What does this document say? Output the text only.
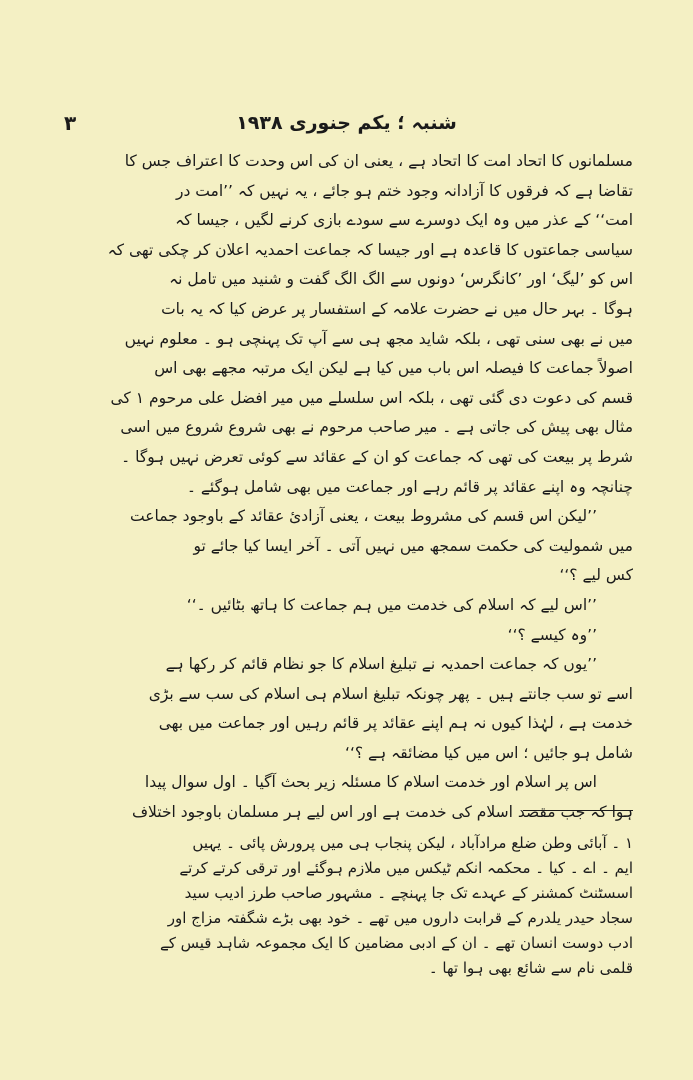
شنبہ ؛ یکم جنوری ۱۹۳۸
۳
مسلمانوں کا اتحاد امت کا اتحاد ہے ، یعنی ان کی اس وحدت کا اعتراف جس کا
تقاضا ہے کہ فرقوں کا آزادانہ وجود ختم ہو جائے ، یہ نہیں کہ ’’امت در
امت‘‘ کے عذر میں وہ ایک دوسرے سے سودے بازی کرنے لگیں ، جیسا کہ
سیاسی جماعتوں کا قاعدہ ہے اور جیسا کہ جماعت احمدیہ اعلان کر چکی تھی کہ
اس کو ’لیگ‘ اور ’کانگرس‘ دونوں سے الگ الگ گفت و شنید میں تامل نہ
ہوگا ۔ بہر حال میں نے حضرت علامہ کے استفسار پر عرض کیا کہ یہ بات
میں نے بھی سنی تھی ، بلکہ شاید مجھ ہی سے آپ تک پہنچی ہو ۔ معلوم نہیں
اصولاً جماعت کا فیصلہ اس باب میں کیا ہے لیکن ایک مرتبہ مجھے بھی اس
قسم کی دعوت دی گئی تھی ، بلکہ اس سلسلے میں میر افضل علی مرحوم ۱ کی
مثال بھی پیش کی جاتی ہے ۔ میر صاحب مرحوم نے بھی شروع شروع میں اسی
شرط پر بیعت کی تھی کہ جماعت کو ان کے عقائد سے کوئی تعرض نہیں ہوگا ۔
چنانچہ وہ اپنے عقائد پر قائم رہے اور جماعت میں بھی شامل ہوگئے ۔
’’لیکن اس قسم کی مشروط بیعت ، یعنی آزادئ عقائد کے باوجود جماعت
میں شمولیت کی حکمت سمجھ میں نہیں آتی ۔ آخر ایسا کیا جائے تو
کس لیے ؟‘‘
’’اس لیے کہ اسلام کی خدمت میں ہم جماعت کا ہاتھ بٹائیں ۔‘‘
’’وہ کیسے ؟‘‘
’’یوں کہ جماعت احمدیہ نے تبلیغ اسلام کا جو نظام قائم کر رکھا ہے
اسے تو سب جانتے ہیں ۔ پھر چونکہ تبلیغ اسلام ہی اسلام کی سب سے بڑی
خدمت ہے ، لہٰذا کیوں نہ ہم اپنے عقائد پر قائم رہیں اور جماعت میں بھی
شامل ہو جائیں ؛ اس میں کیا مضائقہ ہے ؟‘‘
اس پر اسلام اور خدمت اسلام کا مسئلہ زیر بحث آگیا ۔ اول سوال پیدا
ہوا کہ جب مقصد اسلام کی خدمت ہے اور اس لیے ہر مسلمان باوجود اختلاف
۱ ۔ آبائی وطن ضلع مرادآباد ، لیکن پنجاب ہی میں پرورش پائی ۔ یہیں
ایم ۔ اے ۔ کیا ۔ محکمہ انکم ٹیکس میں ملازم ہوگئے اور ترقی کرتے کرتے
اسسٹنٹ کمشنر کے عہدے تک جا پہنچے ۔ مشہور صاحب طرز ادیب سید
سجاد حیدر یلدرم کے قرابت داروں میں تھے ۔ خود بھی بڑے شگفتہ مزاج اور
ادب دوست انسان تھے ۔ ان کے ادبی مضامین کا ایک مجموعہ شاہد قیس کے
قلمی نام سے شائع بھی ہوا تھا ۔
